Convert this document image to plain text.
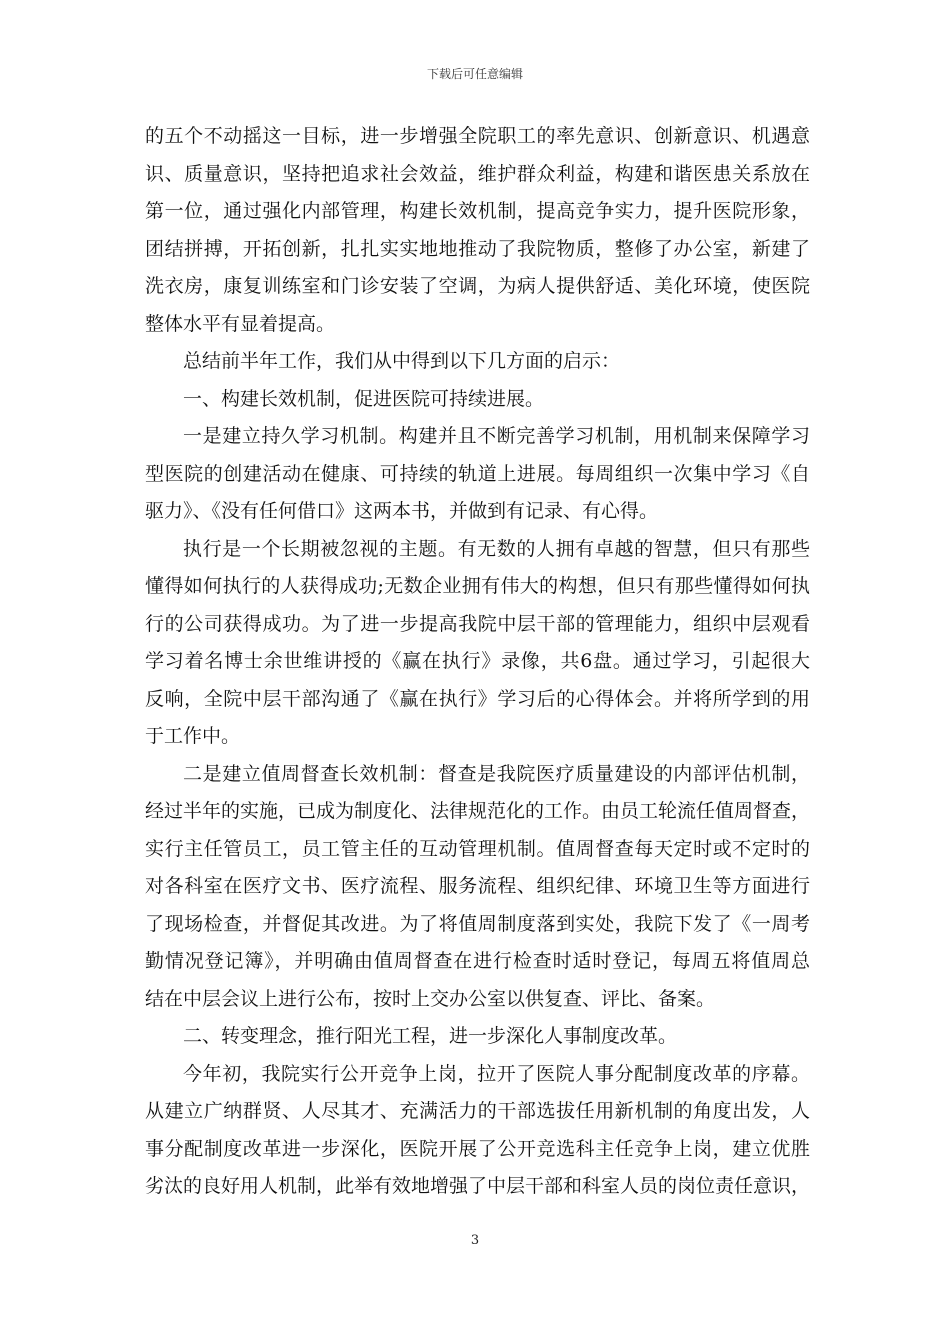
下载后可任意编辑
的五个不动摇这一目标，进一步增强全院职工的率先意识、创新意识、机遇意
识、质量意识，坚持把追求社会效益，维护群众利益，构建和谐医患关系放在
第一位，通过强化内部管理，构建长效机制，提高竞争实力，提升医院形象，
团结拼搏，开拓创新，扎扎实实地地推动了我院物质，整修了办公室，新建了
洗衣房，康复训练室和门诊安装了空调，为病人提供舒适、美化环境，使医院
整体水平有显着提高。
总结前半年工作，我们从中得到以下几方面的启示：
一、构建长效机制，促进医院可持续进展。
一是建立持久学习机制。构建并且不断完善学习机制，用机制来保障学习
型医院的创建活动在健康、可持续的轨道上进展。每周组织一次集中学习《自
驱力》、《没有任何借口》这两本书，并做到有记录、有心得。
执行是一个长期被忽视的主题。有无数的人拥有卓越的智慧，但只有那些
懂得如何执行的人获得成功;无数企业拥有伟大的构想，但只有那些懂得如何执
行的公司获得成功。为了进一步提高我院中层干部的管理能力，组织中层观看
学习着名博士余世维讲授的《赢在执行》录像，共6盘。通过学习，引起很大
反响，全院中层干部沟通了《赢在执行》学习后的心得体会。并将所学到的用
于工作中。
二是建立值周督查长效机制：督查是我院医疗质量建设的内部评估机制，
经过半年的实施，已成为制度化、法律规范化的工作。由员工轮流任值周督查，
实行主任管员工，员工管主任的互动管理机制。值周督查每天定时或不定时的
对各科室在医疗文书、医疗流程、服务流程、组织纪律、环境卫生等方面进行
了现场检查，并督促其改进。为了将值周制度落到实处，我院下发了《一周考
勤情况登记簿》，并明确由值周督查在进行检查时适时登记，每周五将值周总
结在中层会议上进行公布，按时上交办公室以供复查、评比、备案。
二、转变理念，推行阳光工程，进一步深化人事制度改革。
今年初，我院实行公开竞争上岗，拉开了医院人事分配制度改革的序幕。
从建立广纳群贤、人尽其才、充满活力的干部选拔任用新机制的角度出发，人
事分配制度改革进一步深化，医院开展了公开竞选科主任竞争上岗，建立优胜
劣汰的良好用人机制，此举有效地增强了中层干部和科室人员的岗位责任意识，
3
